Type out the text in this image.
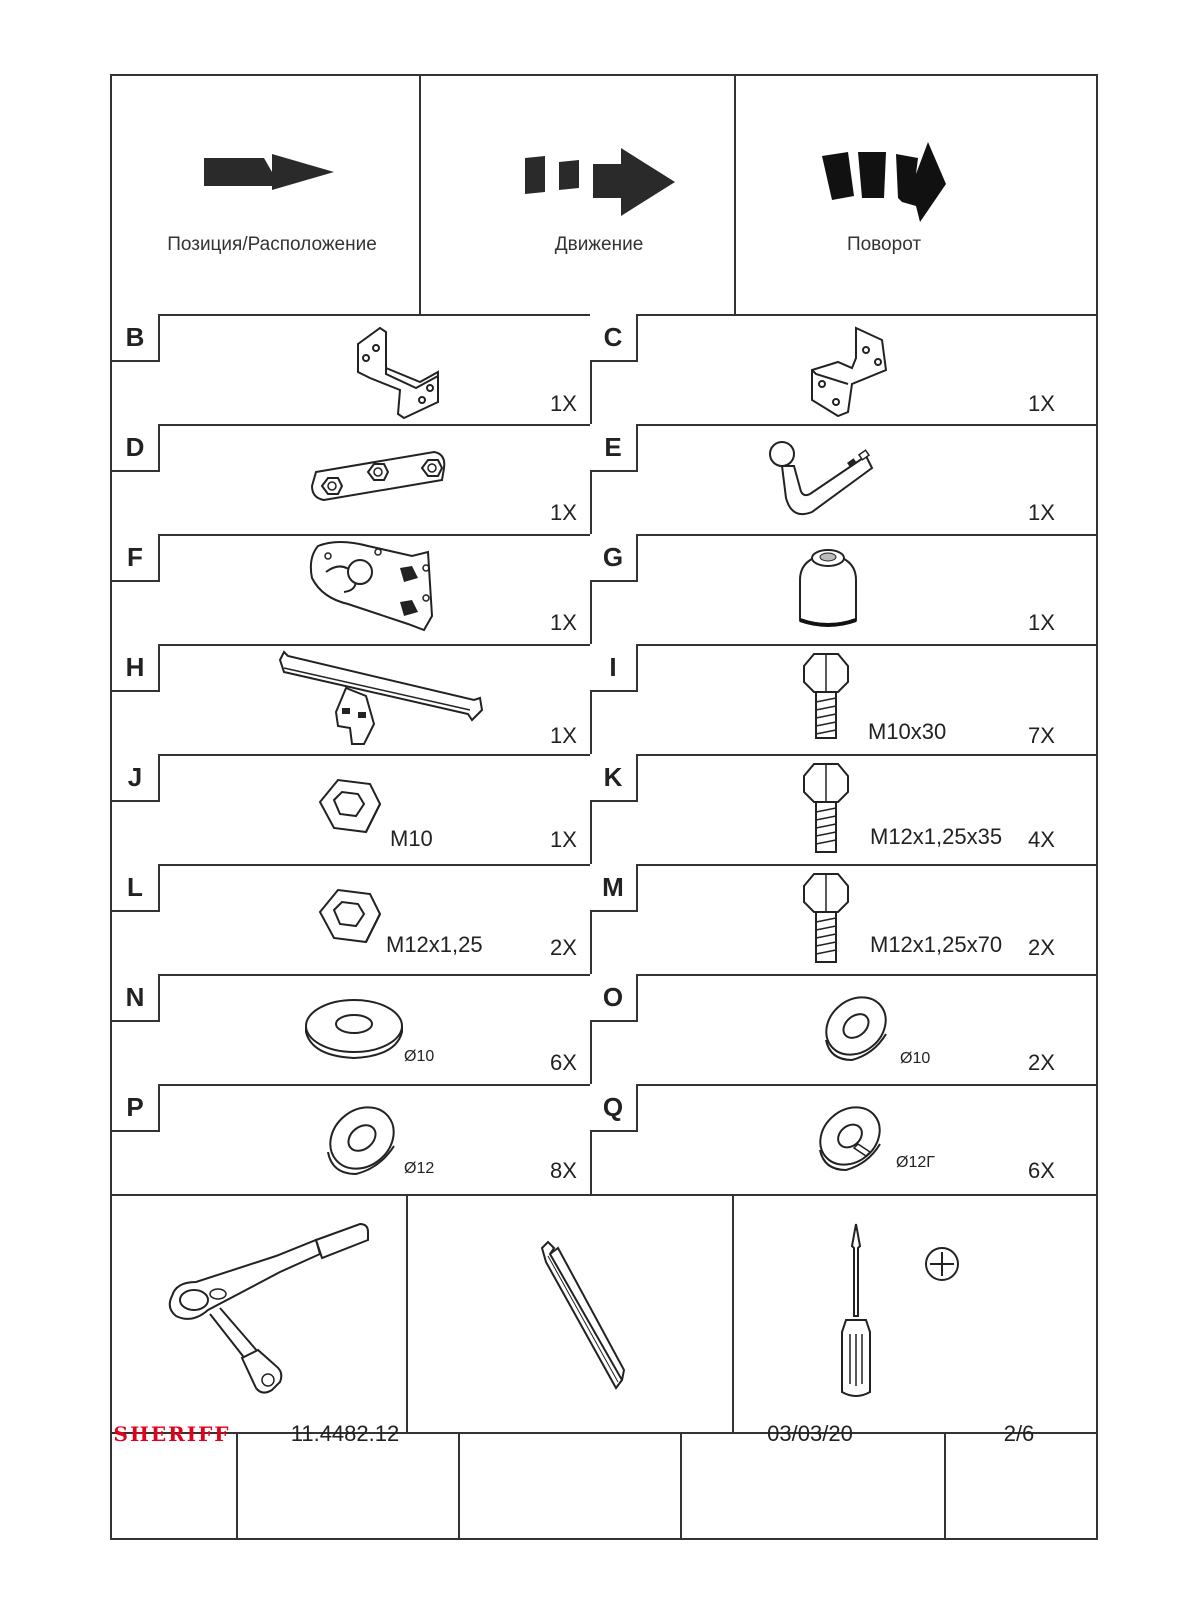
Позиция/Расположение	Движение	Поворот
B
1X
C
1X
D
1X
E
1X
F
1X
G
1X
H
1X
I
M10x30	7X
J
M10	1X
K
M12x1,25x35 4X
L
M12x1,25	2X
M
M12x1,25x70 2X
N
Ø10	6X
O
Ø10	2X
P
Ø12	8X
Q
Ø12Г	6X
SHERIFF	11.4482.12	03/03/20	2/6
